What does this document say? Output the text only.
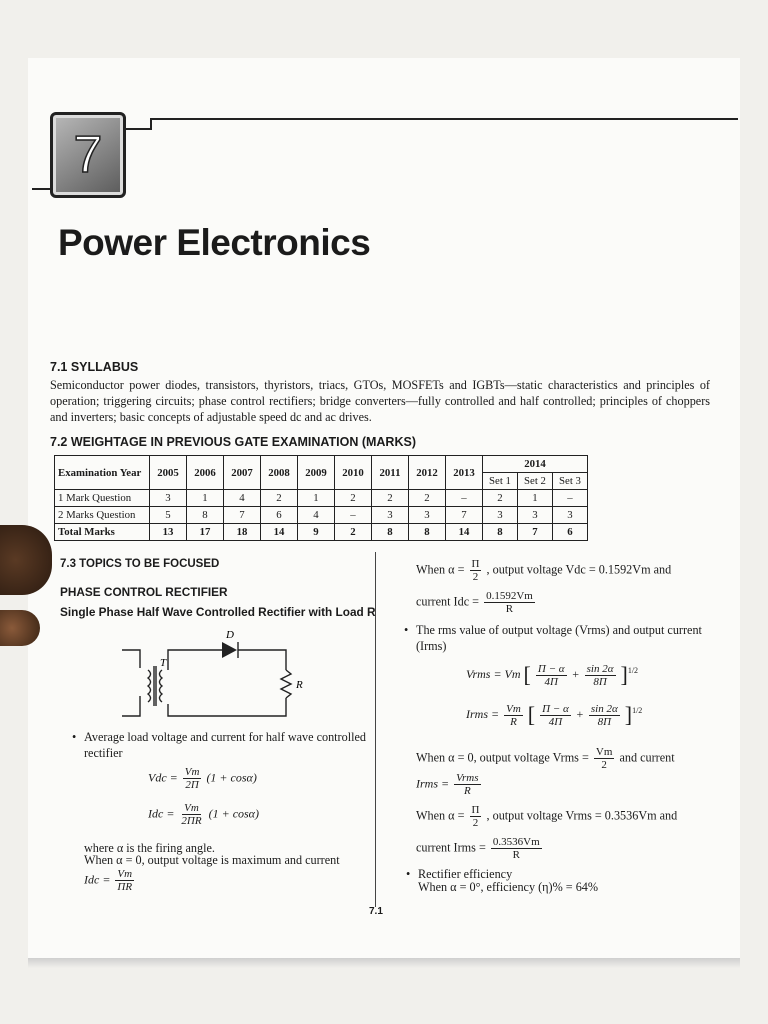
7
Power Electronics
7.1 SYLLABUS
Semiconductor power diodes, transistors, thyristors, triacs, GTOs, MOSFETs and IGBTs—static characteristics and principles of operation; triggering circuits; phase control rectifiers; bridge converters—fully controlled and half controlled; principles of choppers and inverters; basic concepts of adjustable speed dc and ac drives.
7.2 WEIGHTAGE IN PREVIOUS GATE EXAMINATION (MARKS)
Examination Year	2005	2006	2007	2008	2009	2010	2011	2012	2013	2014		
										Set 1	Set 2	Set 3
1 Mark Question	3	1	4	2	1	2	2	2	–	2	1	–
2 Marks Question	5	8	7	6	4	–	3	3	7	3	3	3
Total Marks	13	17	18	14	9	2	8	8	14	8	7	6
7.3 TOPICS TO BE FOCUSED
PHASE CONTROL RECTIFIER
Single Phase Half Wave Controlled Rectifier with Load R
D
T
R
• Average load voltage and current for half wave controlled rectifier
Vdc = $\frac{Vm}{2\Pi} (1 + \cos\alpha)$
Idc = $\frac{Vm}{2\Pi R} (1 + \cos\alpha)$
where α is the firing angle.
When α = 0, output voltage is maximum and current
Idc = $\frac{Vm}{\Pi R}$
When $\alpha = \frac{\Pi}{2}$ , output voltage Vdc = 0.1592Vm and
current Idc = $\frac{0.1592Vm}{R}$
• The rms value of output voltage (Vrms) and output current (Irms)
Vrms = Vm [ $\frac{\Pi - \alpha}{4\Pi} + \frac{\sin 2\alpha}{8\Pi} ]^{1/2}$
Irms = $\frac{Vm}{R}$ [ $\frac{\Pi - \alpha}{4\Pi} + \frac{\sin 2\alpha}{8\Pi} ]^{1/2}$
When α = 0, output voltage Vrms = $\frac{Vm}{2}$ and current
Irms = $\frac{\text{Vrms}}{R}$
When $\alpha = \frac{\Pi}{2}$ , output voltage Vrms = 0.3536Vm and
current Irms = $\frac{0.3536Vm}{R}$
• Rectifier efficiency
When α = 0°, efficiency (η)% = 64%
7.1
